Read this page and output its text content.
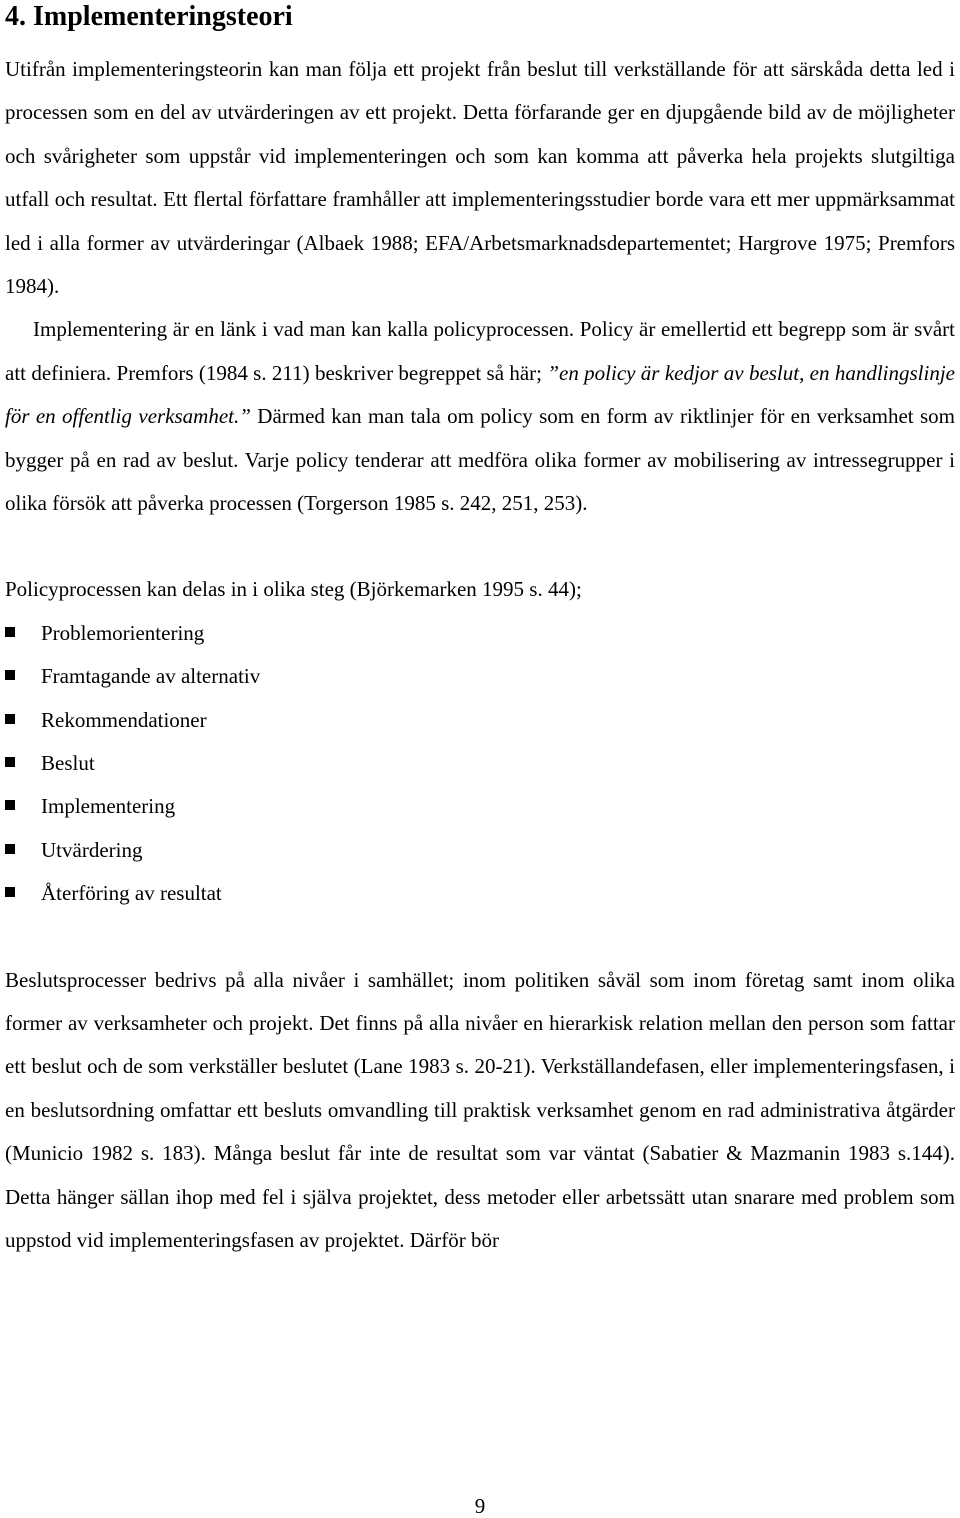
4. Implementeringsteori

Utifrån implementeringsteorin kan man följa ett projekt från beslut till verkställande för att särskåda detta led i processen som en del av utvärderingen av ett projekt. Detta förfarande ger en djupgående bild av de möjligheter och svårigheter som uppstår vid implementeringen och som kan komma att påverka hela projekts slutgiltiga utfall och resultat. Ett flertal författare framhåller att implementeringsstudier borde vara ett mer uppmärksammat led i alla former av utvärderingar (Albaek 1988; EFA/Arbetsmarknadsdepartementet; Hargrove 1975; Premfors 1984).

Implementering är en länk i vad man kan kalla policyprocessen. Policy är emellertid ett begrepp som är svårt att definiera. Premfors (1984 s. 211) beskriver begreppet så här; ”en policy är kedjor av beslut, en handlingslinje för en offentlig verksamhet.” Därmed kan man tala om policy som en form av riktlinjer för en verksamhet som bygger på en rad av beslut. Varje policy tenderar att medföra olika former av mobilisering av intressegrupper i olika försök att påverka processen (Torgerson 1985 s. 242, 251, 253).

Policyprocessen kan delas in i olika steg (Björkemarken 1995 s. 44);

Problemorientering
Framtagande av alternativ
Rekommendationer
Beslut
Implementering
Utvärdering
Återföring av resultat

Beslutsprocesser bedrivs på alla nivåer i samhället; inom politiken såväl som inom företag samt inom olika former av verksamheter och projekt. Det finns på alla nivåer en hierarkisk relation mellan den person som fattar ett beslut och de som verkställer beslutet (Lane 1983 s. 20-21). Verkställandefasen, eller implementeringsfasen, i en beslutsordning omfattar ett besluts omvandling till praktisk verksamhet genom en rad administrativa åtgärder (Municio 1982 s. 183). Många beslut får inte de resultat som var väntat (Sabatier & Mazmanin 1983 s.144). Detta hänger sällan ihop med fel i själva projektet, dess metoder eller arbetssätt utan snarare med problem som uppstod vid implementeringsfasen av projektet. Därför bör

9
